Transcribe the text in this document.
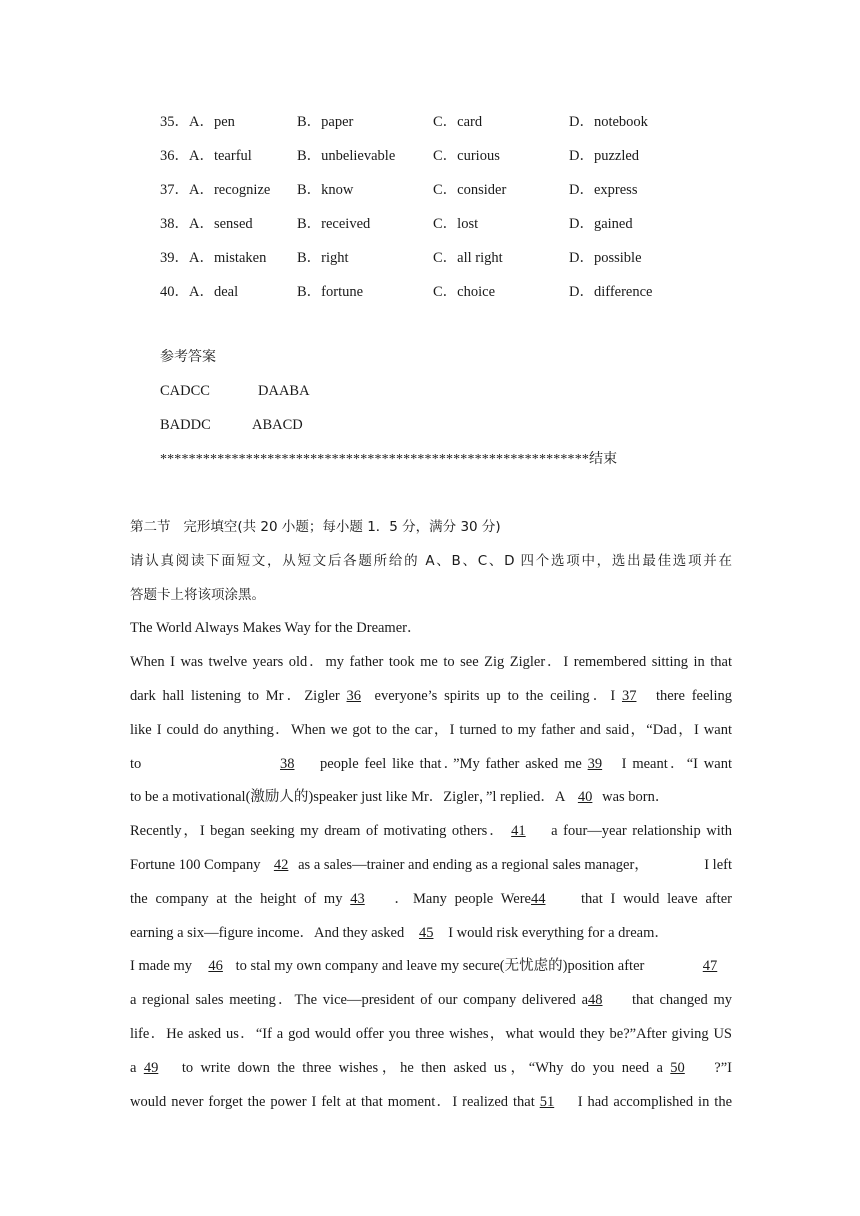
35．A．pen	B．paper	C．card	D．notebook
36．A．tearful	B．unbelievable	C．curious	D．puzzled
37．A．recognize B．know	C．consider	D．express
38．A．sensed	B．received	C．lost	D．gained
39．A．mistaken B．right	C．all right	D．possible
40．A．deal	B．fortune	C．choice	D．difference
参考答案
CADCC	DAABA
BADDC	ABACD
************************************************************结束
第二节   完形填空(共 20 小题；每小题 1．5 分，满分 30 分)
请认真阅读下面短文，从短文后各题所给的 A、B、C、D 四个选项中，选出最佳选项并在
答题卡上将该项涂黑。
The World Always Makes Way for the Dreamer．
When I was twelve years old．my father took me to see Zig Zigler．I remembered sitting in that
dark hall listening to Mr．Zigler 36 everyone’s spirits up to the ceiling．I 37 there feeling
like I could do anything．When we got to the car，I turned to my father and said，“Dad，I want
to	38 people feel like that．”My father asked me 39 I meant．“I want
to be a motivational(激励人的)speaker just like Mr．Zigler，”l replied．A 40 was born．
Recently，I began seeking my dream of motivating others． 41 a four—year relationship with
Fortune 100 Company 42 as a sales—trainer and ending as a regional sales manager，	I left
the company at the height of my 43 ．Many people Were44 that I would leave after
earning a six—figure income．And they asked 45 I would risk everything for a dream．
I made my 46 to stal my own company and leave my secure(无忧虑的)position after	47
a regional sales meeting．The vice—president of our company delivered a48 that changed my
life．He asked us．“If a god would offer you three wishes，what would they be?”After giving US
a 49 to write down the three wishes，he then asked us，“Why do you need a 50 ?”I
would never forget the power I felt at that moment．I realized that 51 I had accomplished in the
